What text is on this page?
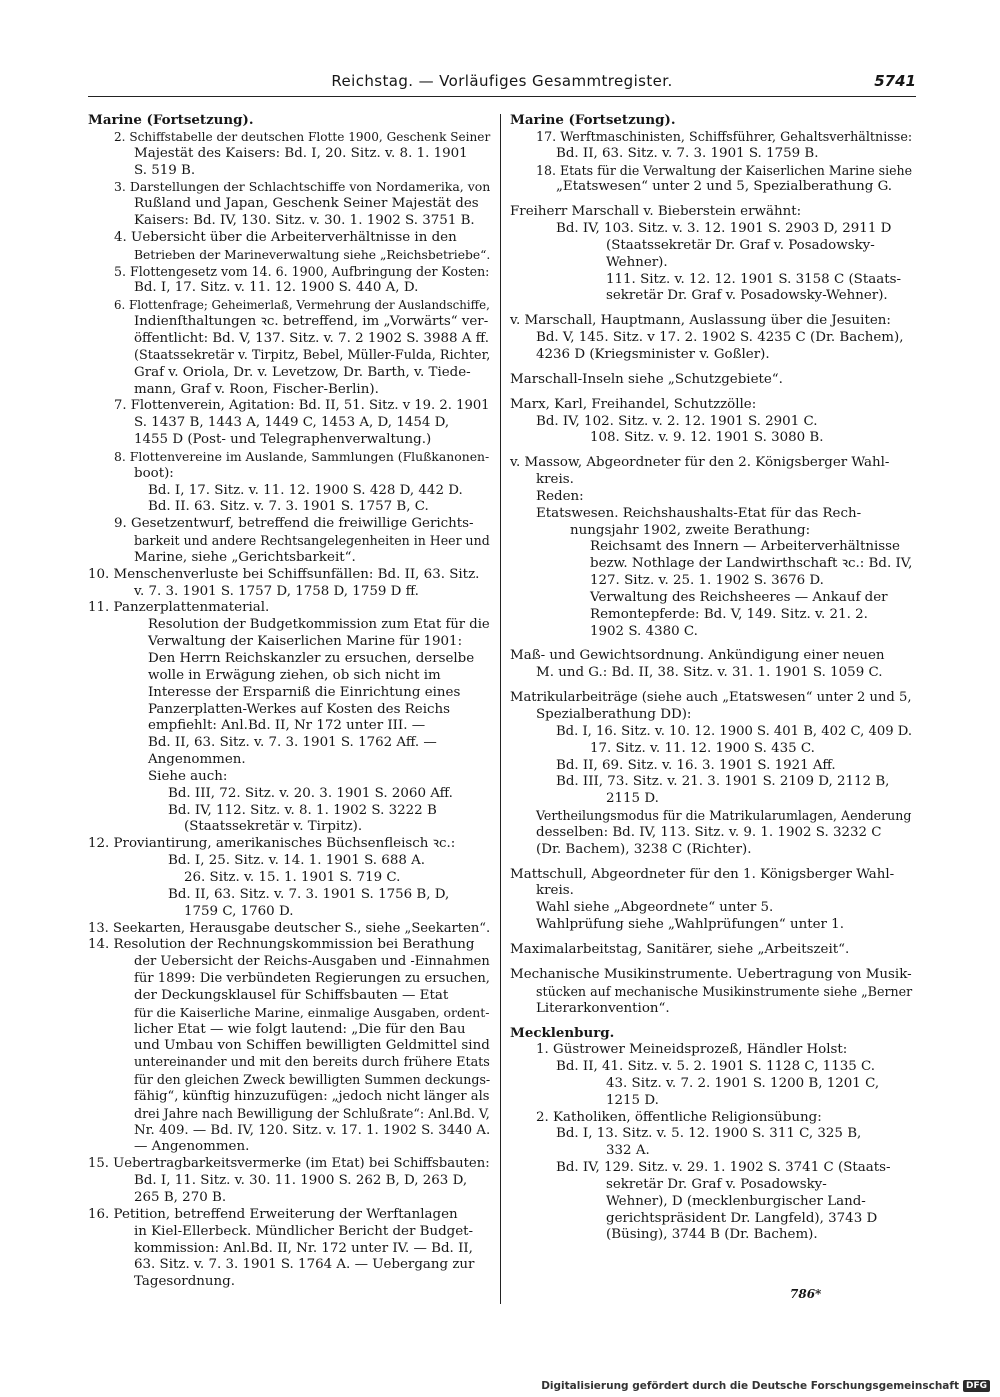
Reichstag. — Vorläufiges Gesammtregister.	5741
Marine (Fortsetzung).
2. Schiffstabelle der deutschen Flotte 1900, Geschenk Seiner
Majestät des Kaisers: Bd. I, 20. Sitz. v. 8. 1. 1901
S. 519 B.
3. Darstellungen der Schlachtschiffe von Nordamerika, von
Rußland und Japan, Geschenk Seiner Majestät des
Kaisers: Bd. IV, 130. Sitz. v. 30. 1. 1902 S. 3751 B.
4. Uebersicht über die Arbeiterverhältnisse in den
Betrieben der Marineverwaltung siehe „Reichsbetriebe“.
5. Flottengesetz vom 14. 6. 1900, Aufbringung der Kosten:
Bd. I, 17. Sitz. v. 11. 12. 1900 S. 440 A, D.
6. Flottenfrage; Geheimerlaß, Vermehrung der Auslandschiffe,
Indienſthaltungen ꝛc. betreffend, im „Vorwärts“ ver-
öffentlicht: Bd. V, 137. Sitz. v. 7. 2 1902 S. 3988 A ff.
(Staatssekretär v. Tirpitz, Bebel, Müller-Fulda, Richter,
Graf v. Oriola, Dr. v. Levetzow, Dr. Barth, v. Tiede-
mann, Graf v. Roon, Fischer-Berlin).
7. Flottenverein, Agitation: Bd. II, 51. Sitz. v 19. 2. 1901
S. 1437 B, 1443 A, 1449 C, 1453 A, D, 1454 D,
1455 D (Post- und Telegraphenverwaltung.)
8. Flottenvereine im Auslande, Sammlungen (Flußkanonen-
boot):
Bd. I, 17. Sitz. v. 11. 12. 1900 S. 428 D, 442 D.
Bd. II. 63. Sitz. v. 7. 3. 1901 S. 1757 B, C.
9. Gesetzentwurf, betreffend die freiwillige Gerichts-
barkeit und andere Rechtsangelegenheiten in Heer und
Marine, siehe „Gerichtsbarkeit“.
10. Menschenverluste bei Schiffsunfällen: Bd. II, 63. Sitz.
v. 7. 3. 1901 S. 1757 D, 1758 D, 1759 D ff.
11. Panzerplattenmaterial.
Resolution der Budgetkommission zum Etat für die
Verwaltung der Kaiserlichen Marine für 1901:
Den Herrn Reichskanzler zu ersuchen, derselbe
wolle in Erwägung ziehen, ob sich nicht im
Interesse der Ersparniß die Einrichtung eines
Panzerplatten-Werkes auf Kosten des Reichs
empfiehlt: Anl.Bd. II, Nr 172 unter III. —
Bd. II, 63. Sitz. v. 7. 3. 1901 S. 1762 Aff. —
Angenommen.
Siehe auch:
Bd. III, 72. Sitz. v. 20. 3. 1901 S. 2060 Aff.
Bd. IV, 112. Sitz. v. 8. 1. 1902 S. 3222 B
(Staatssekretär v. Tirpitz).
12. Proviantirung, amerikanisches Büchsenfleisch ꝛc.:
Bd. I, 25. Sitz. v. 14. 1. 1901 S. 688 A.
26. Sitz. v. 15. 1. 1901 S. 719 C.
Bd. II, 63. Sitz. v. 7. 3. 1901 S. 1756 B, D,
1759 C, 1760 D.
13. Seekarten, Herausgabe deutscher S., siehe „Seekarten“.
14. Resolution der Rechnungskommission bei Berathung
der Uebersicht der Reichs-Ausgaben und -Einnahmen
für 1899: Die verbündeten Regierungen zu ersuchen,
der Deckungsklausel für Schiffsbauten — Etat
für die Kaiserliche Marine, einmalige Ausgaben, ordent-
licher Etat — wie folgt lautend: „Die für den Bau
und Umbau von Schiffen bewilligten Geldmittel sind
untereinander und mit den bereits durch frühere Etats
für den gleichen Zweck bewilligten Summen deckungs-
fähig“, künftig hinzuzufügen: „jedoch nicht länger als
drei Jahre nach Bewilligung der Schlußrate“: Anl.Bd. V,
Nr. 409. — Bd. IV, 120. Sitz. v. 17. 1. 1902 S. 3440 A.
— Angenommen.
15. Uebertragbarkeitsvermerke (im Etat) bei Schiffsbauten:
Bd. I, 11. Sitz. v. 30. 11. 1900 S. 262 B, D, 263 D,
265 B, 270 B.
16. Petition, betreffend Erweiterung der Werftanlagen
in Kiel-Ellerbeck. Mündlicher Bericht der Budget-
kommission: Anl.Bd. II, Nr. 172 unter IV. — Bd. II,
63. Sitz. v. 7. 3. 1901 S. 1764 A. — Uebergang zur
Tagesordnung.
Marine (Fortsetzung).
17. Werftmaschinisten, Schiffsführer, Gehaltsverhältnisse:
Bd. II, 63. Sitz. v. 7. 3. 1901 S. 1759 B.
18. Etats für die Verwaltung der Kaiserlichen Marine siehe
„Etatswesen“ unter 2 und 5, Spezialberathung G.
Freiherr Marschall v. Bieberstein erwähnt:
Bd. IV, 103. Sitz. v. 3. 12. 1901 S. 2903 D, 2911 D
(Staatssekretär Dr. Graf v. Posadowsky-
Wehner).
111. Sitz. v. 12. 12. 1901 S. 3158 C (Staats-
sekretär Dr. Graf v. Posadowsky-Wehner).
v. Marschall, Hauptmann, Auslassung über die Jesuiten:
Bd. V, 145. Sitz. v 17. 2. 1902 S. 4235 C (Dr. Bachem),
4236 D (Kriegsminister v. Goßler).
Marschall-Inseln siehe „Schutzgebiete“.
Marx, Karl, Freihandel, Schutzzölle:
Bd. IV, 102. Sitz. v. 2. 12. 1901 S. 2901 C.
108. Sitz. v. 9. 12. 1901 S. 3080 B.
v. Massow, Abgeordneter für den 2. Königsberger Wahl-
kreis.
Reden:
Etatswesen. Reichshaushalts-Etat für das Rech-
nungsjahr 1902, zweite Berathung:
Reichsamt des Innern — Arbeiterverhältnisse
bezw. Nothlage der Landwirthschaft ꝛc.: Bd. IV,
127. Sitz. v. 25. 1. 1902 S. 3676 D.
Verwaltung des Reichsheeres — Ankauf der
Remontepferde: Bd. V, 149. Sitz. v. 21. 2.
1902 S. 4380 C.
Maß- und Gewichtsordnung. Ankündigung einer neuen
M. und G.: Bd. II, 38. Sitz. v. 31. 1. 1901 S. 1059 C.
Matrikularbeiträge (siehe auch „Etatswesen“ unter 2 und 5,
Spezialberathung DD):
Bd. I, 16. Sitz. v. 10. 12. 1900 S. 401 B, 402 C, 409 D.
17. Sitz. v. 11. 12. 1900 S. 435 C.
Bd. II, 69. Sitz. v. 16. 3. 1901 S. 1921 Aff.
Bd. III, 73. Sitz. v. 21. 3. 1901 S. 2109 D, 2112 B,
2115 D.
Vertheilungsmodus für die Matrikularumlagen, Aenderung
desselben: Bd. IV, 113. Sitz. v. 9. 1. 1902 S. 3232 C
(Dr. Bachem), 3238 C (Richter).
Mattschull, Abgeordneter für den 1. Königsberger Wahl-
kreis.
Wahl siehe „Abgeordnete“ unter 5.
Wahlprüfung siehe „Wahlprüfungen“ unter 1.
Maximalarbeitstag, Sanitärer, siehe „Arbeitszeit“.
Mechanische Musikinstrumente. Uebertragung von Musik-
stücken auf mechanische Musikinstrumente siehe „Berner
Literarkonvention“.
Mecklenburg.
1. Güstrower Meineidsprozeß, Händler Holst:
Bd. II, 41. Sitz. v. 5. 2. 1901 S. 1128 C, 1135 C.
43. Sitz. v. 7. 2. 1901 S. 1200 B, 1201 C,
1215 D.
2. Katholiken, öffentliche Religionsübung:
Bd. I, 13. Sitz. v. 5. 12. 1900 S. 311 C, 325 B,
332 A.
Bd. IV, 129. Sitz. v. 29. 1. 1902 S. 3741 C (Staats-
sekretär Dr. Graf v. Posadowsky-
Wehner), D (mecklenburgischer Land-
gerichtspräsident Dr. Langfeld), 3743 D
(Büsing), 3744 B (Dr. Bachem).
786*
Digitalisierung gefördert durch die Deutsche Forschungsgemeinschaft DFG
